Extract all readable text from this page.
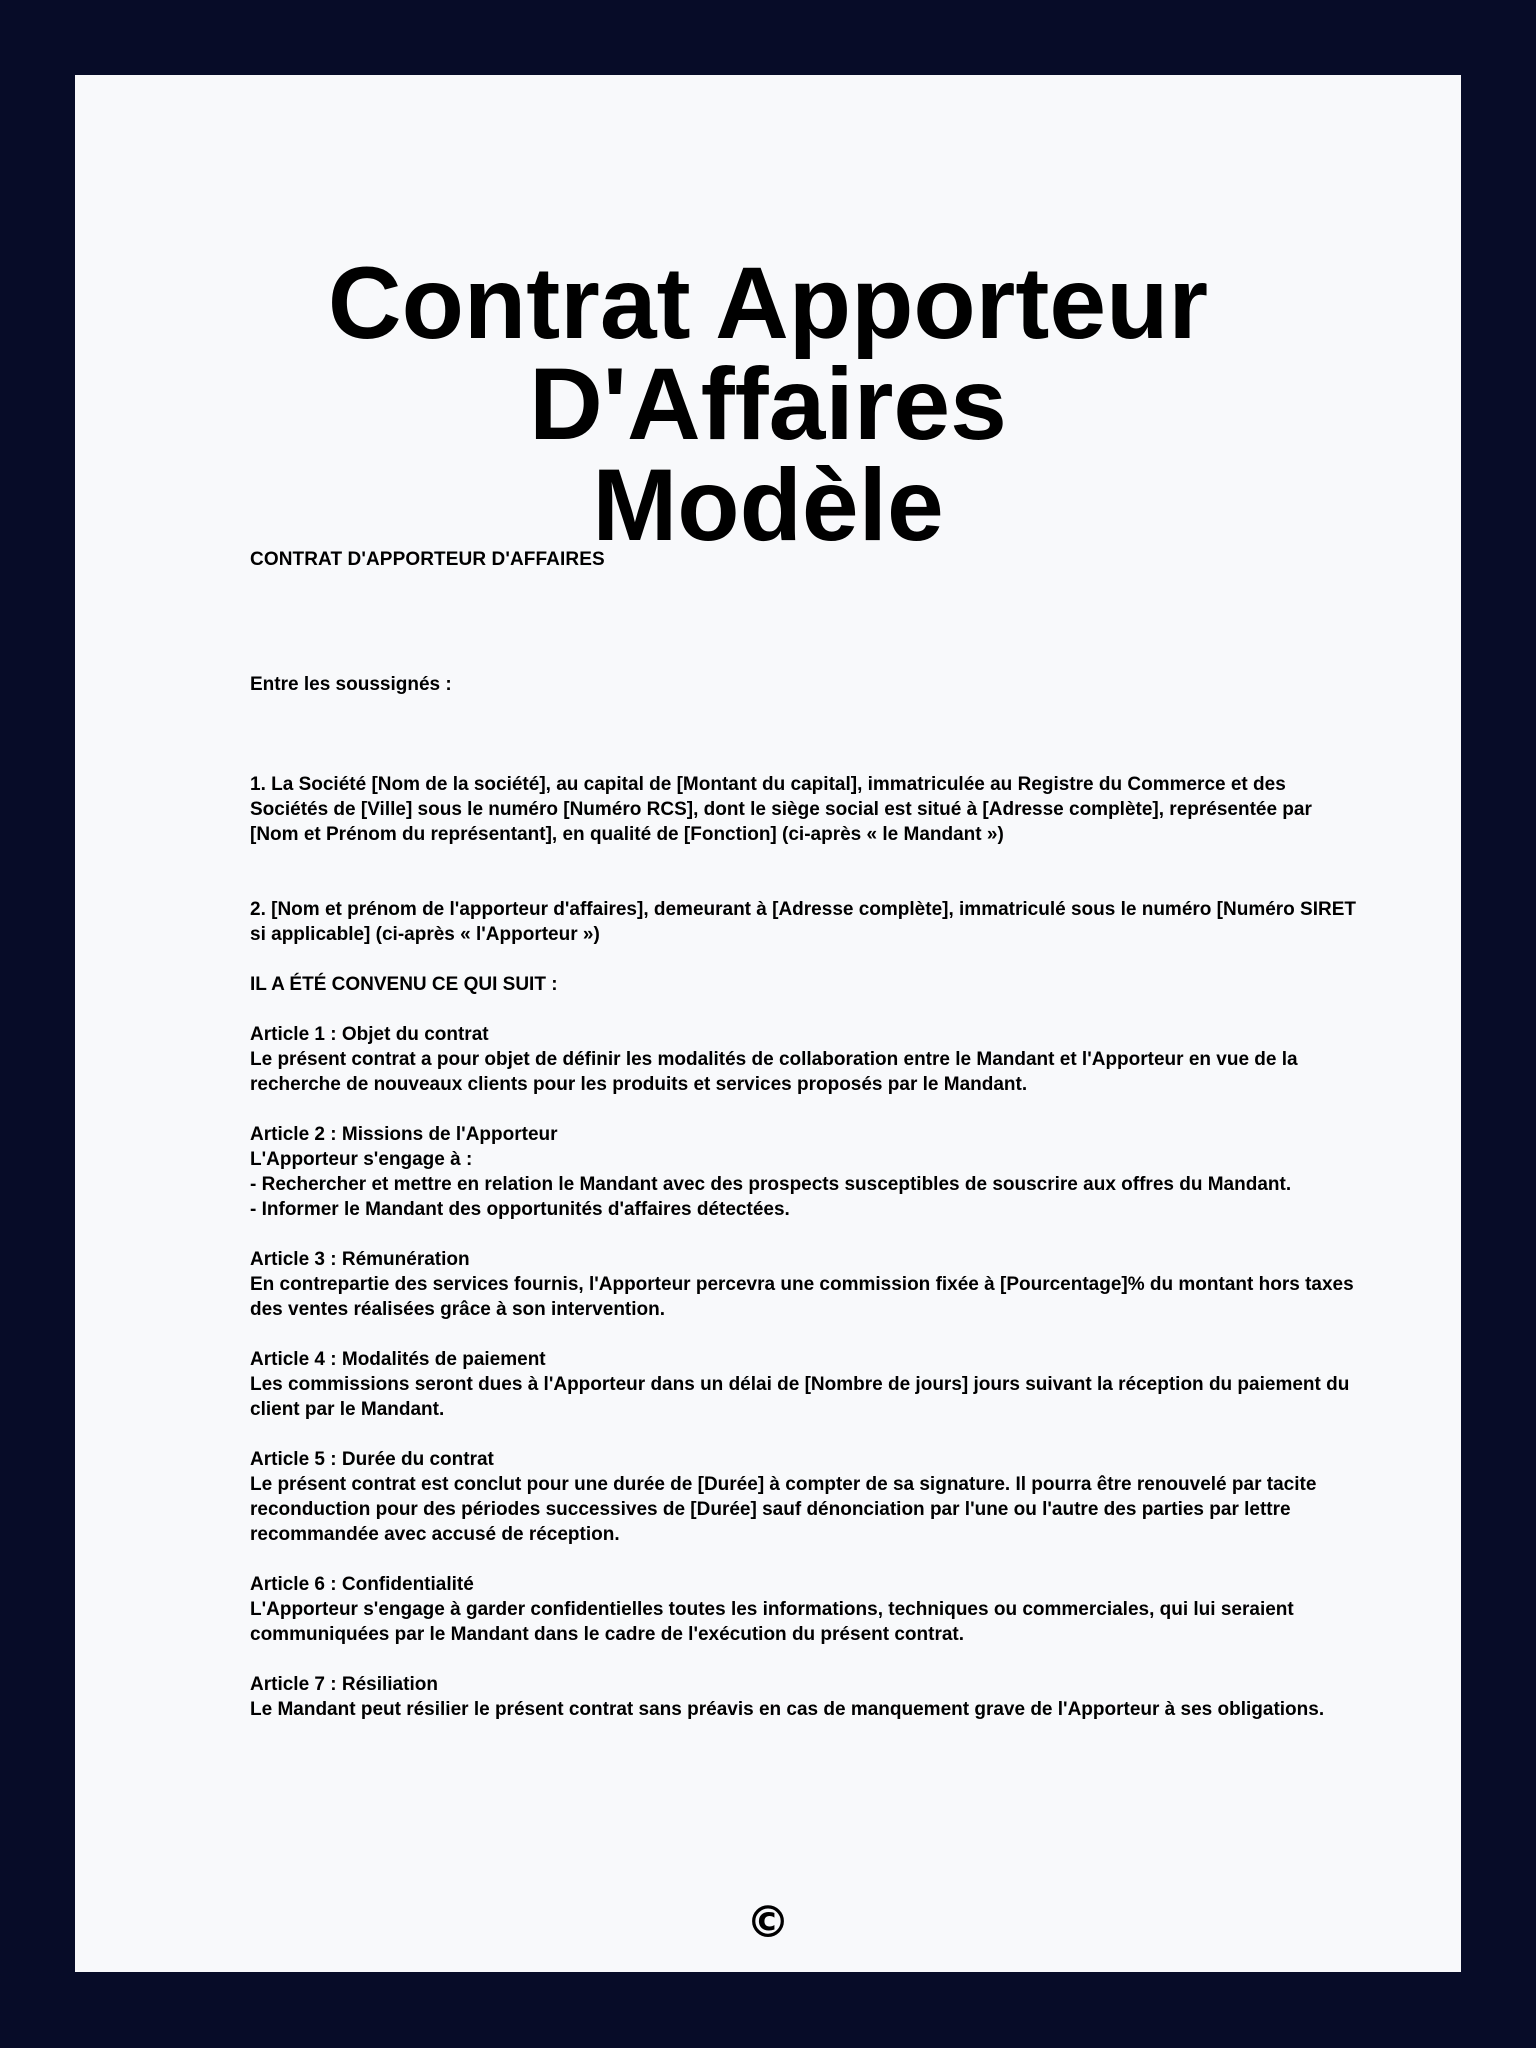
Contrat Apporteur D'Affaires
Modèle
CONTRAT D'APPORTEUR D'AFFAIRES

Entre les soussignés :

1. La Société [Nom de la société], au capital de [Montant du capital], immatriculée au Registre du Commerce et des Sociétés de [Ville] sous le numéro [Numéro RCS], dont le siège social est situé à [Adresse complète], représentée par [Nom et Prénom du représentant], en qualité de [Fonction] (ci-après « le Mandant »)

2. [Nom et prénom de l'apporteur d'affaires], demeurant à [Adresse complète], immatriculé sous le numéro [Numéro SIRET si applicable] (ci-après « l'Apporteur »)

IL A ÉTÉ CONVENU CE QUI SUIT :

Article 1 : Objet du contrat
Le présent contrat a pour objet de définir les modalités de collaboration entre le Mandant et l'Apporteur en vue de la recherche de nouveaux clients pour les produits et services proposés par le Mandant.
Article 2 : Missions de l'Apporteur
L'Apporteur s'engage à :
- Rechercher et mettre en relation le Mandant avec des prospects susceptibles de souscrire aux offres du Mandant.
- Informer le Mandant des opportunités d'affaires détectées.
Article 3 : Rémunération
En contrepartie des services fournis, l'Apporteur percevra une commission fixée à [Pourcentage]% du montant hors taxes des ventes réalisées grâce à son intervention.
Article 4 : Modalités de paiement
Les commissions seront dues à l'Apporteur dans un délai de [Nombre de jours] jours suivant la réception du paiement du client par le Mandant.
Article 5 : Durée du contrat
Le présent contrat est conclut pour une durée de [Durée] à compter de sa signature. Il pourra être renouvelé par tacite reconduction pour des périodes successives de [Durée] sauf dénonciation par l'une ou l'autre des parties par lettre recommandée avec accusé de réception.
Article 6 : Confidentialité
L'Apporteur s'engage à garder confidentielles toutes les informations, techniques ou commerciales, qui lui seraient communiquées par le Mandant dans le cadre de l'exécution du présent contrat.
Article 7 : Résiliation
Le Mandant peut résilier le présent contrat sans préavis en cas de manquement grave de l'Apporteur à ses obligations.
©
